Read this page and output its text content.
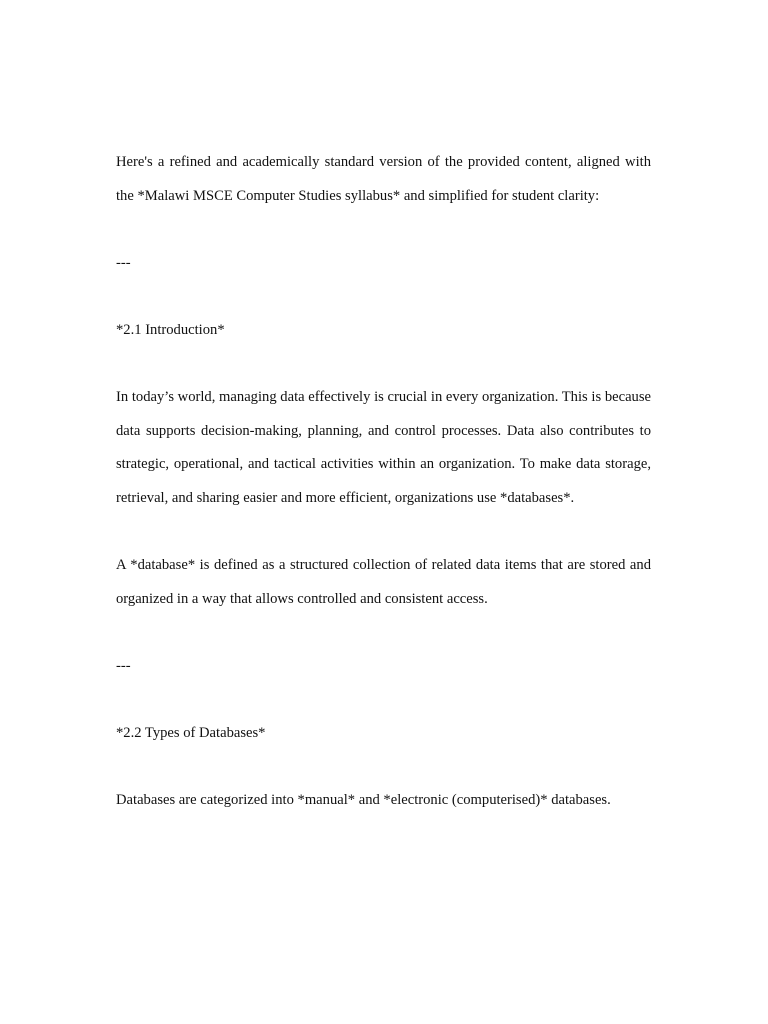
Here's a refined and academically standard version of the provided content, aligned with the *Malawi MSCE Computer Studies syllabus* and simplified for student clarity:

---

*2.1 Introduction*

In today’s world, managing data effectively is crucial in every organization. This is because data supports decision-making, planning, and control processes. Data also contributes to strategic, operational, and tactical activities within an organization. To make data storage, retrieval, and sharing easier and more efficient, organizations use *databases*.

A *database* is defined as a structured collection of related data items that are stored and organized in a way that allows controlled and consistent access.

---

*2.2 Types of Databases*

Databases are categorized into *manual* and *electronic (computerised)* databases.
